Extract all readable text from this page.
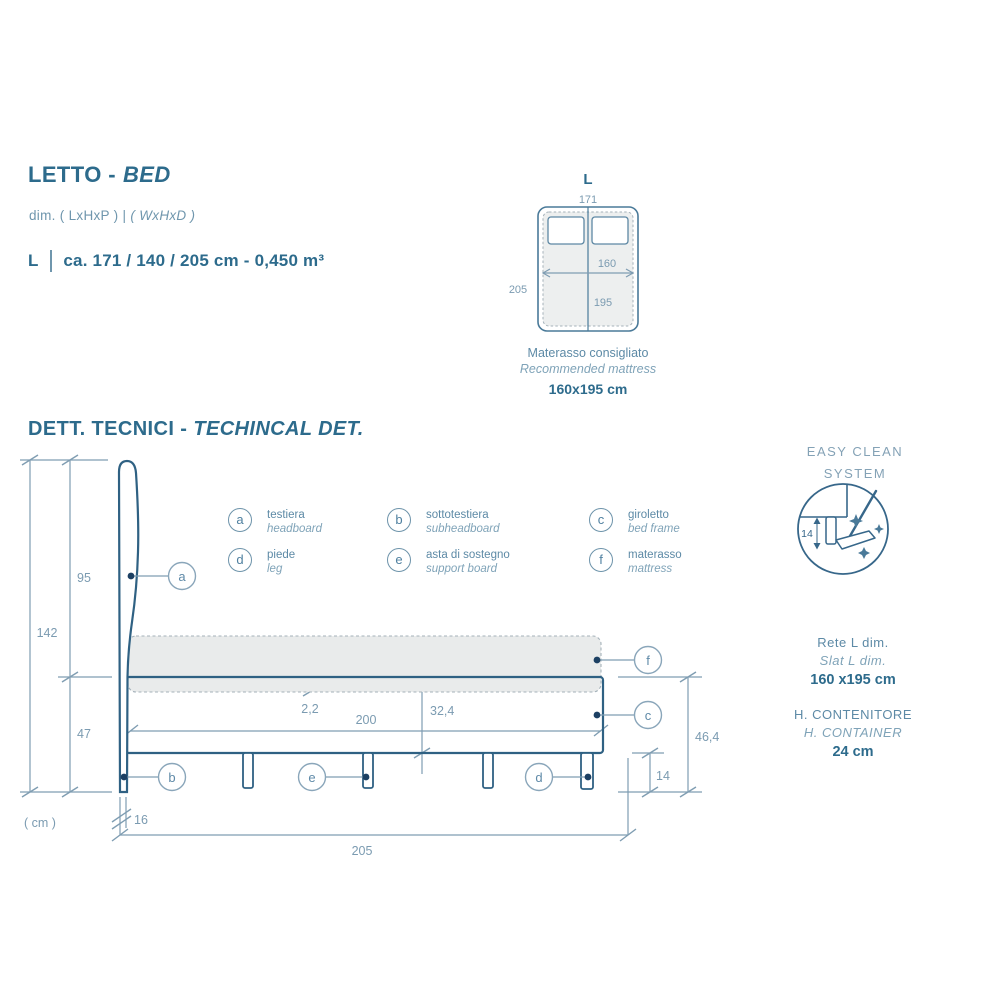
LETTO - BED
dim. ( LxHxP ) | ( WxHxD )
L ca. 171 / 140 / 205 cm - 0,450 m³
L
171
160
195
205
Materasso consigliato
Recommended mattress
160x195 cm
DETT. TECNICI - TECHINCAL DET.
a	testiera
headboard
b	sottotestiera
subheadboard
c	giroletto
bed frame
d	piede
leg
e	asta di sostegno
support board
f	materasso
mattress
a
b	e	d
f
c
95
142
47
2,2	32,4
200
46,4
14
16
205
( cm )
EASY CLEAN
SYSTEM
14
Rete L dim.
Slat L dim.
160 x195 cm
H. CONTENITORE
H. CONTAINER
24 cm
